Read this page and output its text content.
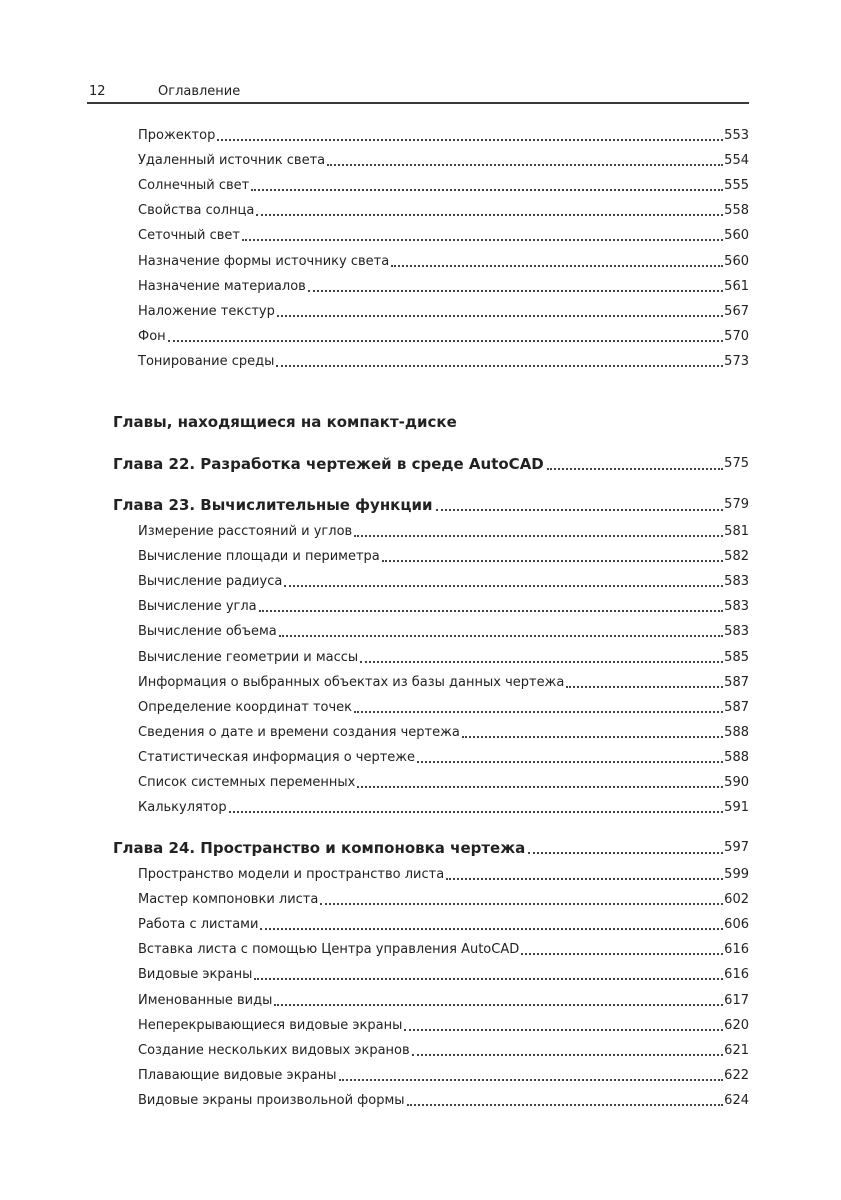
12	Оглавление
Прожектор	553
Удаленный источник света	554
Солнечный свет	555
Свойства солнца	558
Сеточный свет	560
Назначение формы источнику света	560
Назначение материалов	561
Наложение текстур	567
Фон	570
Тонирование среды	573
Главы, находящиеся на компакт-диске
Глава 22. Разработка чертежей в среде AutoCAD	575
Глава 23. Вычислительные функции	579
Измерение расстояний и углов	581
Вычисление площади и периметра	582
Вычисление радиуса	583
Вычисление угла	583
Вычисление объема	583
Вычисление геометрии и массы	585
Информация о выбранных объектах из базы данных чертежа	587
Определение координат точек	587
Сведения о дате и времени создания чертежа	588
Статистическая информация о чертеже	588
Список системных переменных	590
Калькулятор	591
Глава 24. Пространство и компоновка чертежа	597
Пространство модели и пространство листа	599
Мастер компоновки листа	602
Работа с листами	606
Вставка листа с помощью Центра управления AutoCAD	616
Видовые экраны	616
Именованные виды	617
Неперекрывающиеся видовые экраны	620
Создание нескольких видовых экранов	621
Плавающие видовые экраны	622
Видовые экраны произвольной формы	624
